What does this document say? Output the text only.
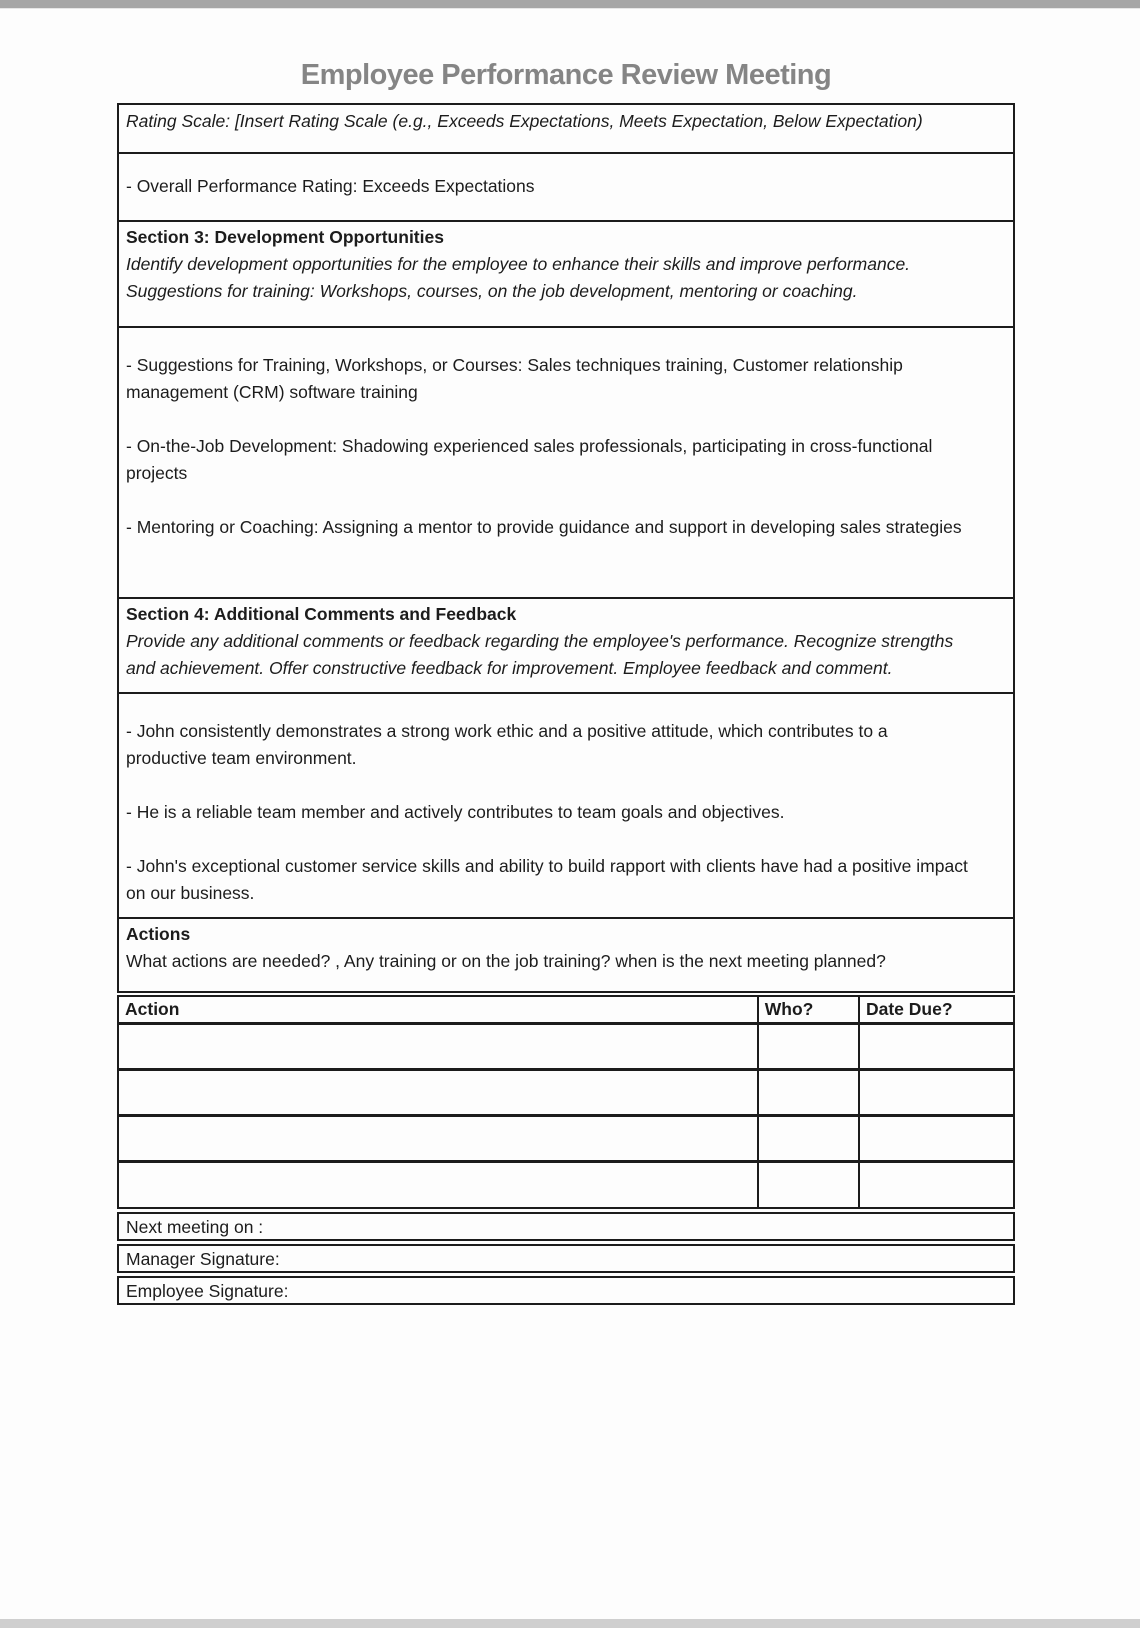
Employee Performance Review Meeting
Rating Scale: [Insert Rating Scale (e.g., Exceeds Expectations, Meets Expectation, Below Expectation)

- Overall Performance Rating: Exceeds Expectations

Section 3: Development Opportunities
Identify development opportunities for the employee to enhance their skills and improve performance. Suggestions for training: Workshops, courses, on the job development, mentoring or coaching.

- Suggestions for Training, Workshops, or Courses: Sales techniques training, Customer relationship management (CRM) software training

- On-the-Job Development: Shadowing experienced sales professionals, participating in cross-functional projects

- Mentoring or Coaching: Assigning a mentor to provide guidance and support in developing sales strategies

Section 4: Additional Comments and Feedback
Provide any additional comments or feedback regarding the employee's performance. Recognize strengths and achievement. Offer constructive feedback for improvement. Employee feedback and comment.

- John consistently demonstrates a strong work ethic and a positive attitude, which contributes to a productive team environment.

- He is a reliable team member and actively contributes to team goals and objectives.

- John's exceptional customer service skills and ability to build rapport with clients have had a positive impact on our business.

Actions
What actions are needed? , Any training or on the job training? when is the next meeting planned?
Action	Who?	Date Due?

Next meeting on :
Manager Signature:
Employee Signature:
